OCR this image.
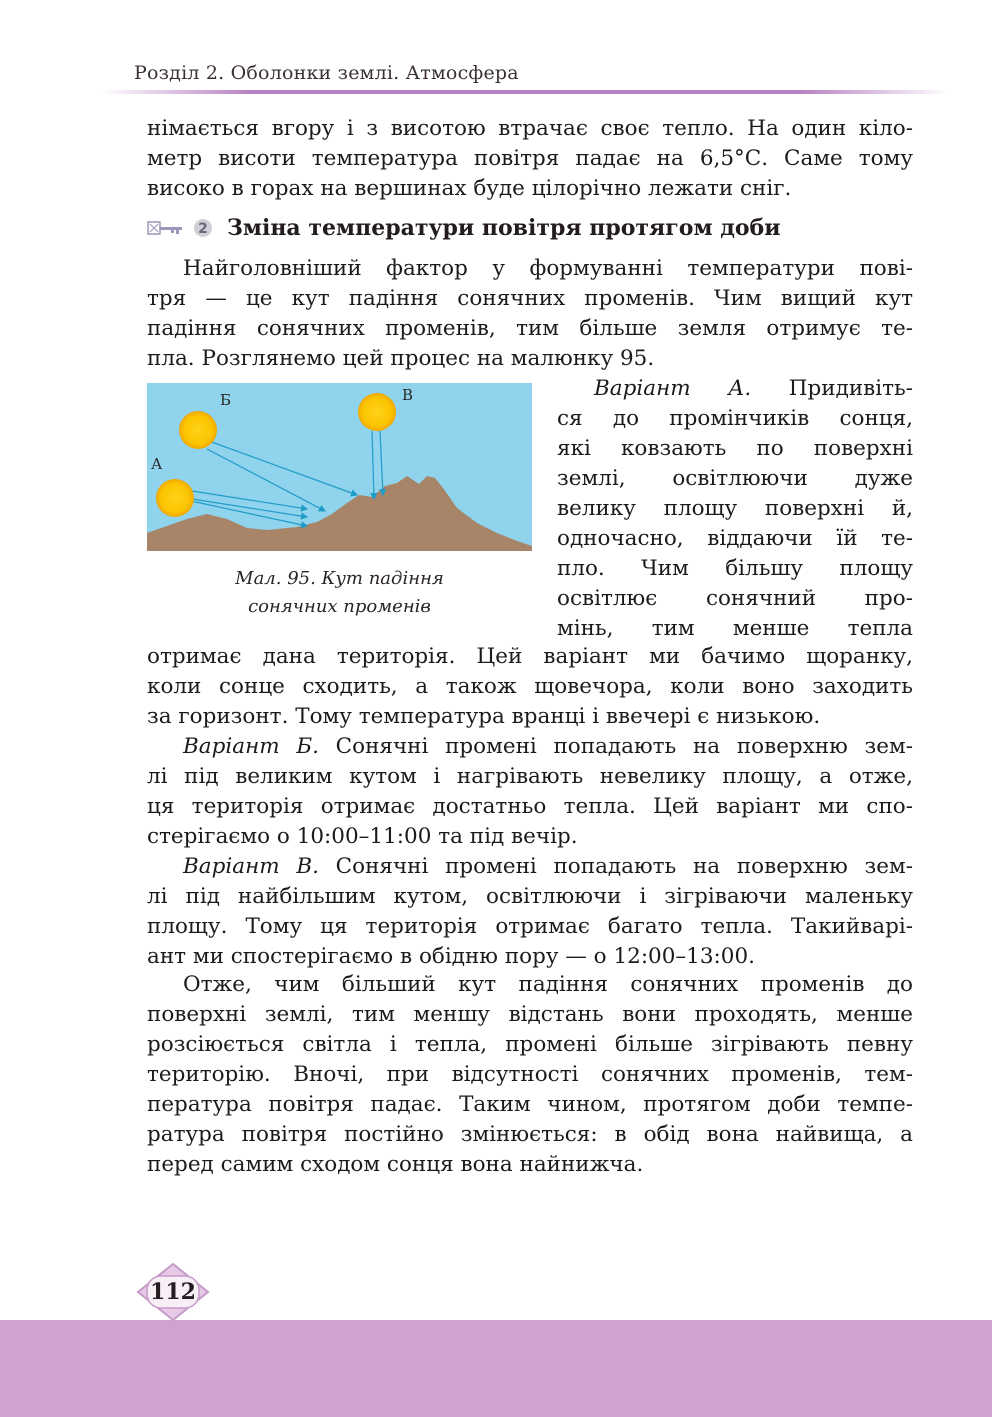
Розділ 2. Оболонки землі. Атмосфера

німається вгору і з висотою втрачає своє тепло. На один кіло-

метр висоти температура повітря падає на 6,5°С. Саме тому

високо в горах на вершинах буде цілорічно лежати сніг.

2 Зміна температури повітря протягом доби

Найголовніший фактор у формуванні температури пові-

тря — це кут падіння сонячних променів. Чим вищий кут

падіння сонячних променів, тим більше земля отримує те-

пла. Розглянемо цей процес на малюнку 95.

А
Б	В
Мал. 95. Кут падіння
сонячних променів

Варіант А. Придивіть-

ся до промінчиків сонця,

які ковзають по поверхні

землі, освітлюючи дуже

велику площу поверхні й,

одночасно, віддаючи їй те-

пло. Чим більшу площу

освітлює сонячний про-

мінь, тим менше тепла

отримає дана територія. Цей варіант ми бачимо щоранку,

коли сонце сходить, а також щовечора, коли воно заходить

за горизонт. Тому температура вранці і ввечері є низькою.

Варіант Б. Сонячні промені попадають на поверхню зем-

лі під великим кутом і нагрівають невелику площу, а отже,

ця територія отримає достатньо тепла. Цей варіант ми спо-

стерігаємо о 10:00–11:00 та під вечір.

Варіант В. Сонячні промені попадають на поверхню зем-

лі під найбільшим кутом, освітлюючи і зігріваючи маленьку

площу. Тому ця територія отримає багато тепла. Такийварі-

ант ми спостерігаємо в обідню пору — о 12:00–13:00.

Отже, чим більший кут падіння сонячних променів до

поверхні землі, тим меншу відстань вони проходять, менше

розсіюється світла і тепла, промені більше зігрівають певну

територію. Вночі, при відсутності сонячних променів, тем-

пература повітря падає. Таким чином, протягом доби темпе-

ратура повітря постійно змінюється: в обід вона найвища, а

перед самим сходом сонця вона найнижча.

112
